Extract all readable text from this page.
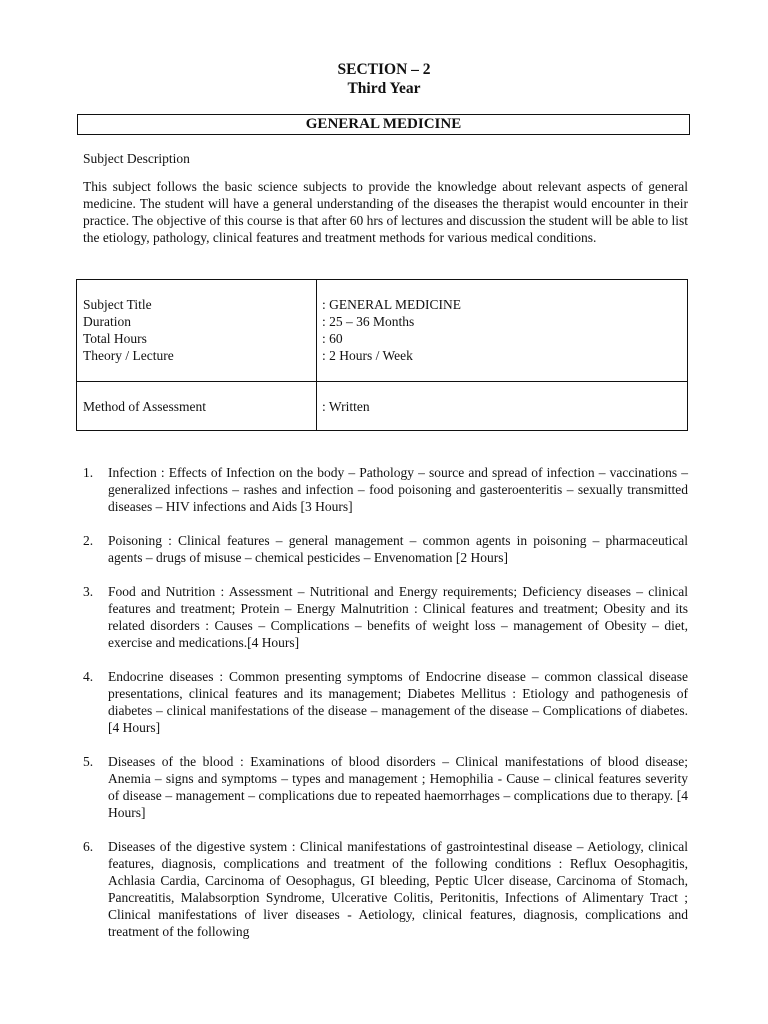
SECTION – 2
Third Year
GENERAL MEDICINE
Subject Description
This subject follows the basic science subjects to provide the knowledge about relevant aspects of general medicine. The student will have a general understanding of the diseases the therapist would encounter in their practice. The objective of this course is that after 60 hrs of lectures and discussion the student will be able to list the etiology, pathology, clinical features and treatment methods for various medical conditions.
Subject Title
Duration
Total Hours
Theory / Lecture
: GENERAL MEDICINE
: 25 – 36 Months
: 60
: 2 Hours / Week
Method of Assessment	: Written
1. Infection : Effects of Infection on the body – Pathology – source and spread of infection – vaccinations – generalized infections – rashes and infection – food poisoning and gasteroenteritis – sexually transmitted diseases – HIV infections and Aids [3 Hours]
2. Poisoning : Clinical features – general management – common agents in poisoning – pharmaceutical agents – drugs of misuse – chemical pesticides – Envenomation [2 Hours]
3. Food and Nutrition : Assessment – Nutritional and Energy requirements; Deficiency diseases – clinical features and treatment; Protein – Energy Malnutrition : Clinical features and treatment; Obesity and its related disorders : Causes – Complications – benefits of weight loss – management of Obesity – diet, exercise and medications.[4 Hours]
4. Endocrine diseases : Common presenting symptoms of Endocrine disease – common classical disease presentations, clinical features and its management; Diabetes Mellitus : Etiology and pathogenesis of diabetes – clinical manifestations of the disease – management of the disease – Complications of diabetes. [4 Hours]
5. Diseases of the blood : Examinations of blood disorders – Clinical manifestations of blood disease; Anemia – signs and symptoms – types and management ; Hemophilia - Cause – clinical features severity of disease – management – complications due to repeated haemorrhages – complications due to therapy. [4 Hours]
6. Diseases of the digestive system : Clinical manifestations of gastrointestinal disease – Aetiology, clinical features, diagnosis, complications and treatment of the following conditions : Reflux Oesophagitis, Achlasia Cardia, Carcinoma of Oesophagus, GI bleeding, Peptic Ulcer disease, Carcinoma of Stomach, Pancreatitis, Malabsorption Syndrome, Ulcerative Colitis, Peritonitis, Infections of Alimentary Tract ; Clinical manifestations of liver diseases - Aetiology, clinical features, diagnosis, complications and treatment of the following
